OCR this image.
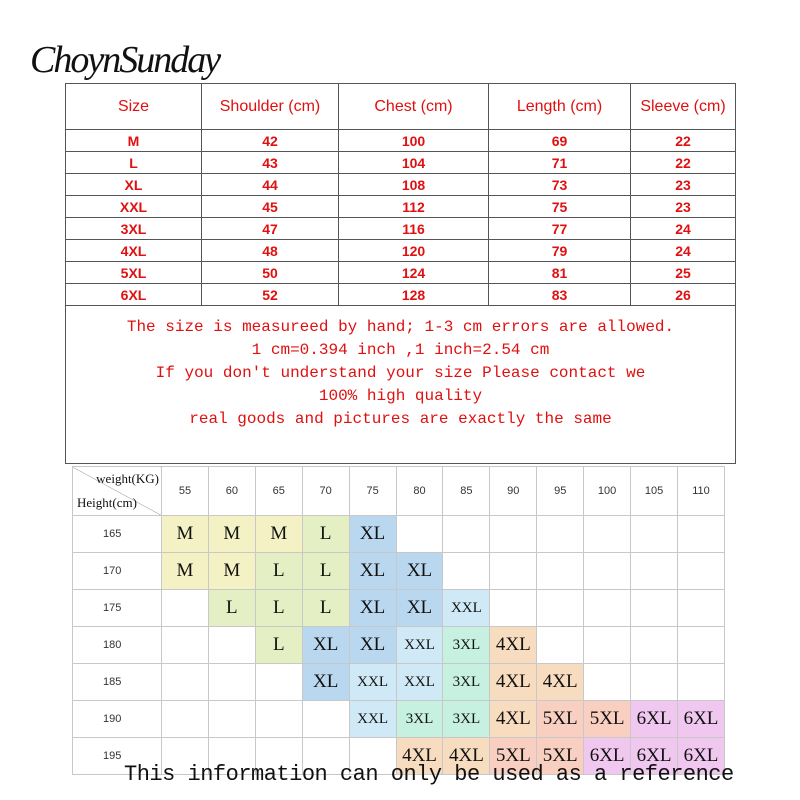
ChoynSunday
Size	Shoulder (cm)	Chest (cm)	Length (cm)	Sleeve (cm)
M	42	100	69	22
L	43	104	71	22
XL	44	108	73	23
XXL	45	112	75	23
3XL	47	116	77	24
4XL	48	120	79	24
5XL	50	124	81	25
6XL	52	128	83	26

The size is measureed by hand; 1-3 cm errors are allowed.
1 cm=0.394 inch ,1 inch=2.54 cm
If you don't understand your size Please contact we
100% high quality
real goods and pictures are exactly the same				
weight(KG)
Height(cm)	55	60	65	70	75	80	85	90	95	100	105	110
165	M	M	M	L	XL							
170	M	M	L	L	XL	XL						
175		L	L	L	XL	XL	XXL					
180			L	XL	XL	XXL	3XL	4XL				
185				XL	XXL	XXL	3XL	4XL	4XL			
190					XXL	3XL	3XL	4XL	5XL	5XL	6XL	6XL
195						4XL	4XL	5XL	5XL	6XL	6XL	6XL
This information can only be used as a reference
